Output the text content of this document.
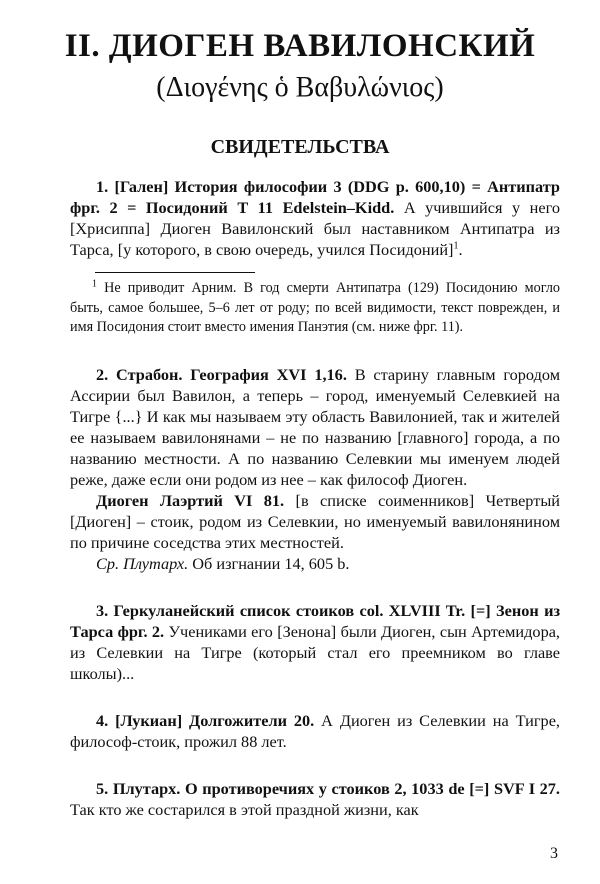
II. ДИОГЕН ВАВИЛОНСКИЙ
(Διογένης ὁ Βαβυλώνιος)
СВИДЕТЕЛЬСТВА

1. [Гален] История философии 3 (DDG p. 600,10) = Антипатр фрг. 2 = Посидоний Т 11 Edelstein–Kidd. А учившийся у него [Хрисиппа] Диоген Вавилонский был наставником Антипатра из Тарса, [у которого, в свою очередь, учился Посидоний]$^1$.

$^1$ Не приводит Арним. В год смерти Антипатра (129) Посидонию могло быть, самое большее, 5–6 лет от роду; по всей видимости, текст поврежден, и имя Посидония стоит вместо имения Панэтия (см. ниже фрг. 11).

2. Страбон. География XVI 1,16. В старину главным городом Ассирии был Вавилон, а теперь – город, именуемый Селевкией на Тигре {...} И как мы называем эту область Вавилонией, так и жителей ее называем вавилонянами – не по названию [главного] города, а по названию местности. А по названию Селевкии мы именуем людей реже, даже если они родом из нее – как философ Диоген.

Диоген Лаэртий VI 81. [в списке соименников] Четвертый [Диоген] – стоик, родом из Селевкии, но именуемый вавилонянином по причине соседства этих местностей.

Ср. Плутарх. Об изгнании 14, 605 b.

3. Геркуланейский список стоиков col. XLVIII Tr. [=] Зенон из Тарса фрг. 2. Учениками его [Зенона] были Диоген, сын Артемидора, из Селевкии на Тигре (который стал его преемником во главе школы)...

4. [Лукиан] Долгожители 20. А Диоген из Селевкии на Тигре, философ-стоик, прожил 88 лет.

5. Плутарх. О противоречиях у стоиков 2, 1033 de [=] SVF I 27. Так кто же состарился в этой праздной жизни, как

3
